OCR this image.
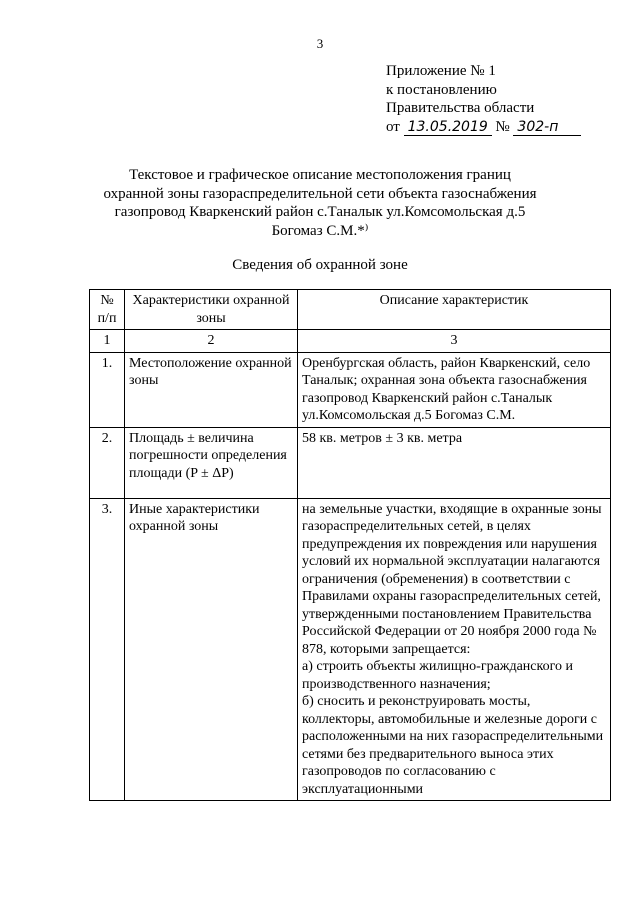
3
Приложение № 1
к постановлению
Правительства области
от 13.05.2019 № 302-п
Текстовое и графическое описание местоположения границ
охранной зоны газораспределительной сети объекта газоснабжения
газопровод Кваркенский район с.Таналык ул.Комсомольская д.5
Богомаз С.М.*⁾
Сведения об охранной зоне
№ п/п	Характеристики охранной зоны	Описание характеристик
1	2	3
1.	Местоположение охранной зоны	Оренбургская область, район Кваркенский, село Таналык; охранная зона объекта газоснабжения газопровод Кваркенский район с.Таналык ул.Комсомольская д.5 Богомаз С.М.
2.	Площадь ± величина погрешности определения площади (P ± ΔP)	58 кв. метров ± 3 кв. метра
3.	Иные характеристики охранной зоны	на земельные участки, входящие в охранные зоны газораспределительных сетей, в целях предупреждения их повреждения или нарушения условий их нормальной эксплуатации налагаются ограничения (обременения) в соответствии с Правилами охраны газораспределительных сетей, утвержденными постановлением Правительства Российской Федерации от 20 ноября 2000 года № 878, которыми запрещается:
а) строить объекты жилищно-гражданского и производственного назначения;
б) сносить и реконструировать мосты, коллекторы, автомобильные и железные дороги с расположенными на них газораспределительными сетями без предварительного выноса этих газопроводов по согласованию с эксплуатационными
